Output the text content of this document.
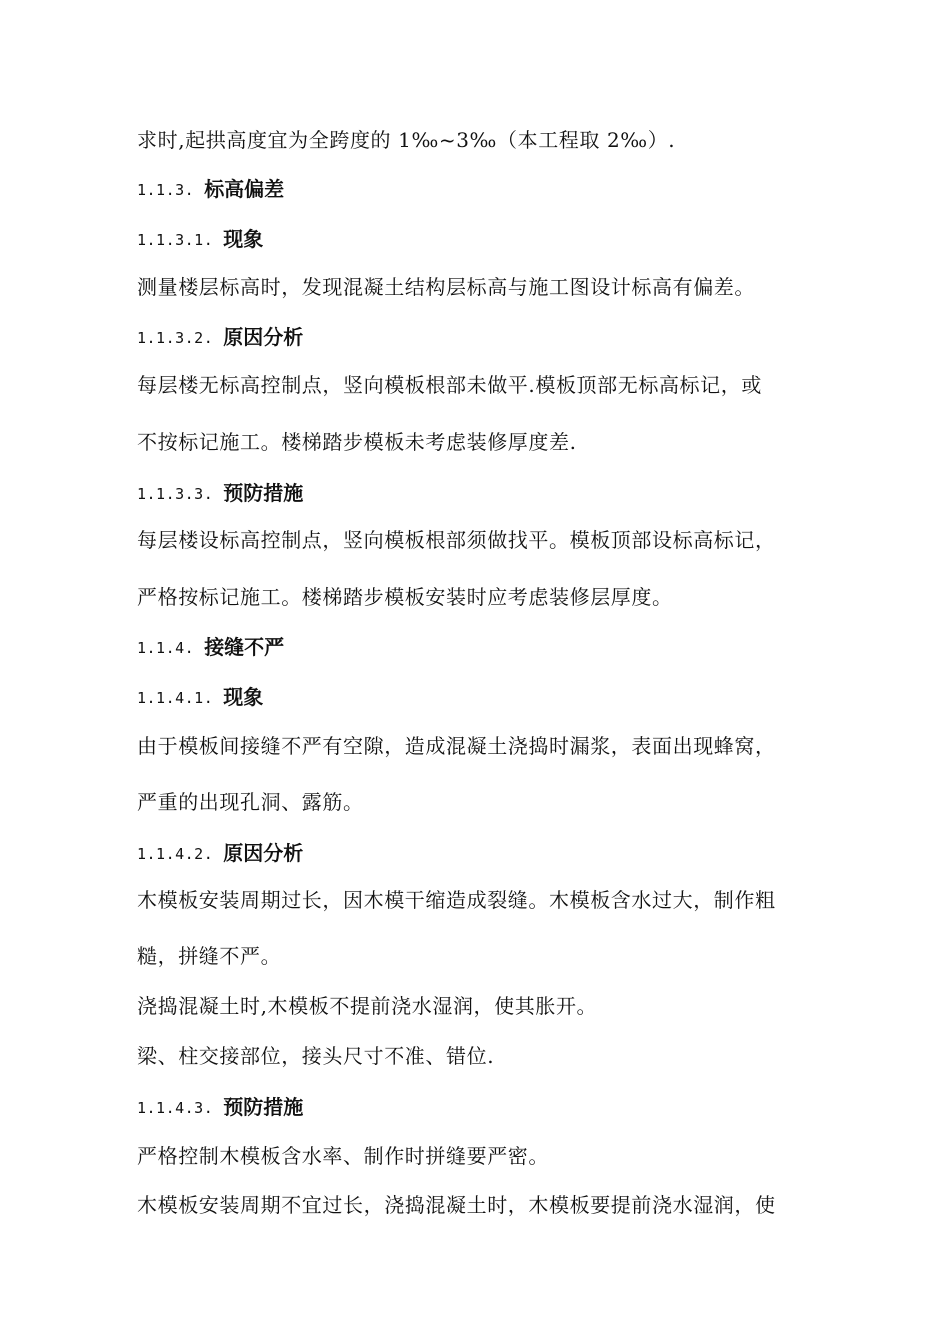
求时,起拱高度宜为全跨度的 1‰~3‰（本工程取 2‰）.
1.1.3. 标高偏差
1.1.3.1. 现象
测量楼层标高时，发现混凝土结构层标高与施工图设计标高有偏差。
1.1.3.2. 原因分析
每层楼无标高控制点，竖向模板根部未做平.模板顶部无标高标记，或
不按标记施工。楼梯踏步模板未考虑装修厚度差.
1.1.3.3. 预防措施
每层楼设标高控制点，竖向模板根部须做找平。模板顶部设标高标记，
严格按标记施工。楼梯踏步模板安装时应考虑装修层厚度。
1.1.4. 接缝不严
1.1.4.1. 现象
由于模板间接缝不严有空隙，造成混凝土浇捣时漏浆，表面出现蜂窝，
严重的出现孔洞、露筋。
1.1.4.2. 原因分析
木模板安装周期过长，因木模干缩造成裂缝。木模板含水过大，制作粗
糙，拼缝不严。
浇捣混凝土时,木模板不提前浇水湿润，使其胀开。
梁、柱交接部位，接头尺寸不准、错位.
1.1.4.3. 预防措施
严格控制木模板含水率、制作时拼缝要严密。
木模板安装周期不宜过长，浇捣混凝土时，木模板要提前浇水湿润，使
